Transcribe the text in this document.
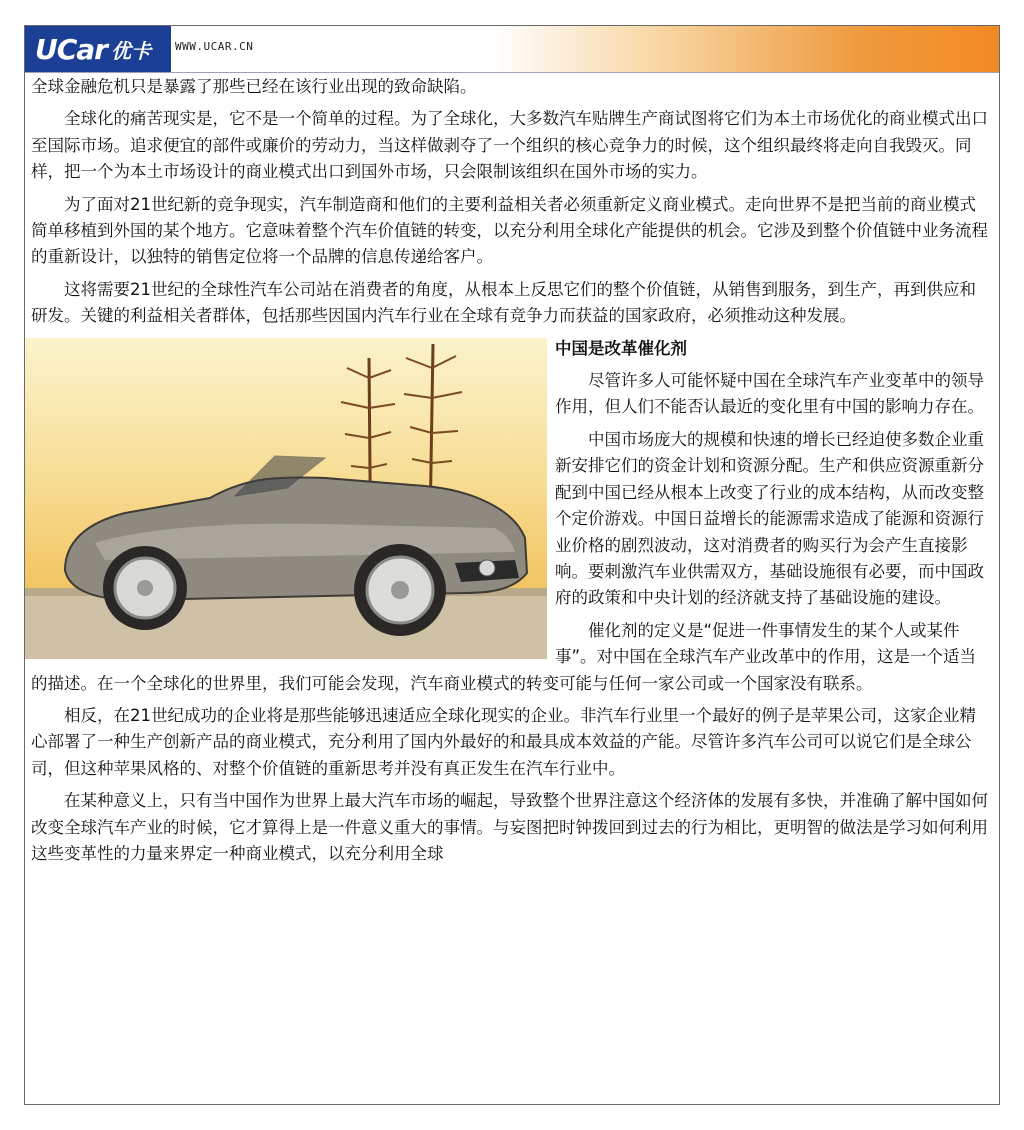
UCar 优卡 WWW.UCAR.CN

全球金融危机只是暴露了那些已经在该行业出现的致命缺陷。

全球化的痛苦现实是，它不是一个简单的过程。为了全球化，大多数汽车贴牌生产商试图将它们为本土市场优化的商业模式出口至国际市场。追求便宜的部件或廉价的劳动力，当这样做剥夺了一个组织的核心竞争力的时候，这个组织最终将走向自我毁灭。同样，把一个为本土市场设计的商业模式出口到国外市场，只会限制该组织在国外市场的实力。

为了面对21世纪新的竞争现实，汽车制造商和他们的主要利益相关者必须重新定义商业模式。走向世界不是把当前的商业模式简单移植到外国的某个地方。它意味着整个汽车价值链的转变，以充分利用全球化产能提供的机会。它涉及到整个价值链中业务流程的重新设计，以独特的销售定位将一个品牌的信息传递给客户。

这将需要21世纪的全球性汽车公司站在消费者的角度，从根本上反思它们的整个价值链，从销售到服务，到生产，再到供应和研发。关键的利益相关者群体，包括那些因国内汽车行业在全球有竞争力而获益的国家政府，必须推动这种发展。

中国是改革催化剂

尽管许多人可能怀疑中国在全球汽车产业变革中的领导作用，但人们不能否认最近的变化里有中国的影响力存在。

中国市场庞大的规模和快速的增长已经迫使多数企业重新安排它们的资金计划和资源分配。生产和供应资源重新分配到中国已经从根本上改变了行业的成本结构，从而改变整个定价游戏。中国日益增长的能源需求造成了能源和资源行业价格的剧烈波动，这对消费者的购买行为会产生直接影响。要刺激汽车业供需双方，基础设施很有必要，而中国政府的政策和中央计划的经济就支持了基础设施的建设。

催化剂的定义是“促进一件事情发生的某个人或某件事”。对中国在全球汽车产业改革中的作用，这是一个适当的描述。在一个全球化的世界里，我们可能会发现，汽车商业模式的转变可能与任何一家公司或一个国家没有联系。

相反，在21世纪成功的企业将是那些能够迅速适应全球化现实的企业。非汽车行业里一个最好的例子是苹果公司，这家企业精心部署了一种生产创新产品的商业模式，充分利用了国内外最好的和最具成本效益的产能。尽管许多汽车公司可以说它们是全球公司，但这种苹果风格的、对整个价值链的重新思考并没有真正发生在汽车行业中。

在某种意义上，只有当中国作为世界上最大汽车市场的崛起，导致整个世界注意这个经济体的发展有多快，并准确了解中国如何改变全球汽车产业的时候，它才算得上是一件意义重大的事情。与妄图把时钟拨回到过去的行为相比，更明智的做法是学习如何利用这些变革性的力量来界定一种商业模式，以充分利用全球
